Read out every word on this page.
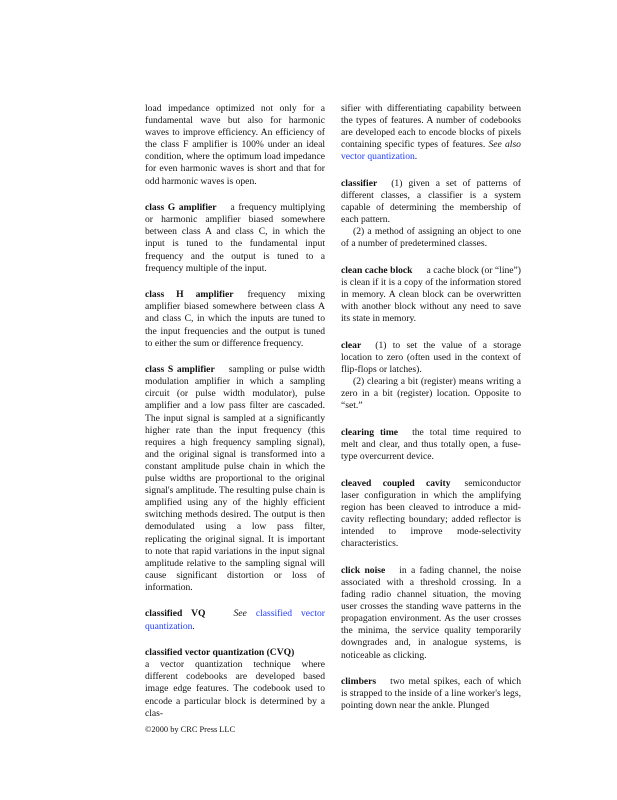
load impedance optimized not only for a fundamental wave but also for harmonic waves to improve efficiency. An efficiency of the class F amplifier is 100% under an ideal condition, where the optimum load impedance for even harmonic waves is short and that for odd harmonic waves is open.

class G amplifier a frequency multiplying or harmonic amplifier biased somewhere between class A and class C, in which the input is tuned to the fundamental input frequency and the output is tuned to a frequency multiple of the input.

class H amplifier frequency mixing amplifier biased somewhere between class A and class C, in which the inputs are tuned to the input frequencies and the output is tuned to either the sum or difference frequency.

class S amplifier sampling or pulse width modulation amplifier in which a sampling circuit (or pulse width modulator), pulse amplifier and a low pass filter are cascaded. The input signal is sampled at a significantly higher rate than the input frequency (this requires a high frequency sampling signal), and the original signal is transformed into a constant amplitude pulse chain in which the pulse widths are proportional to the original signal's amplitude. The resulting pulse chain is amplified using any of the highly efficient switching methods desired. The output is then demodulated using a low pass filter, replicating the original signal. It is important to note that rapid variations in the input signal amplitude relative to the sampling signal will cause significant distortion or loss of information.

classified VQ	See classified vector quantization.

classified vector quantization (CVQ)
a vector quantization technique where different codebooks are developed based image edge features. The codebook used to encode a particular block is determined by a clas-

sifier with differentiating capability between the types of features. A number of codebooks are developed each to encode blocks of pixels containing specific types of features. See also vector quantization.

classifier (1) given a set of patterns of different classes, a classifier is a system capable of determining the membership of each pattern.

(2) a method of assigning an object to one of a number of predetermined classes.

clean cache block a cache block (or “line”) is clean if it is a copy of the information stored in memory. A clean block can be overwritten with another block without any need to save its state in memory.

clear (1) to set the value of a storage location to zero (often used in the context of flip-flops or latches).

(2) clearing a bit (register) means writing a zero in a bit (register) location. Opposite to “set.”

clearing time the total time required to melt and clear, and thus totally open, a fuse-type overcurrent device.

cleaved coupled cavity semiconductor laser configuration in which the amplifying region has been cleaved to introduce a mid-cavity reflecting boundary; added reflector is intended to improve mode-selectivity characteristics.

click noise in a fading channel, the noise associated with a threshold crossing. In a fading radio channel situation, the moving user crosses the standing wave patterns in the propagation environment. As the user crosses the minima, the service quality temporarily downgrades and, in analogue systems, is noticeable as clicking.

climbers two metal spikes, each of which is strapped to the inside of a line worker's legs, pointing down near the ankle. Plunged

©2000 by CRC Press LLC
